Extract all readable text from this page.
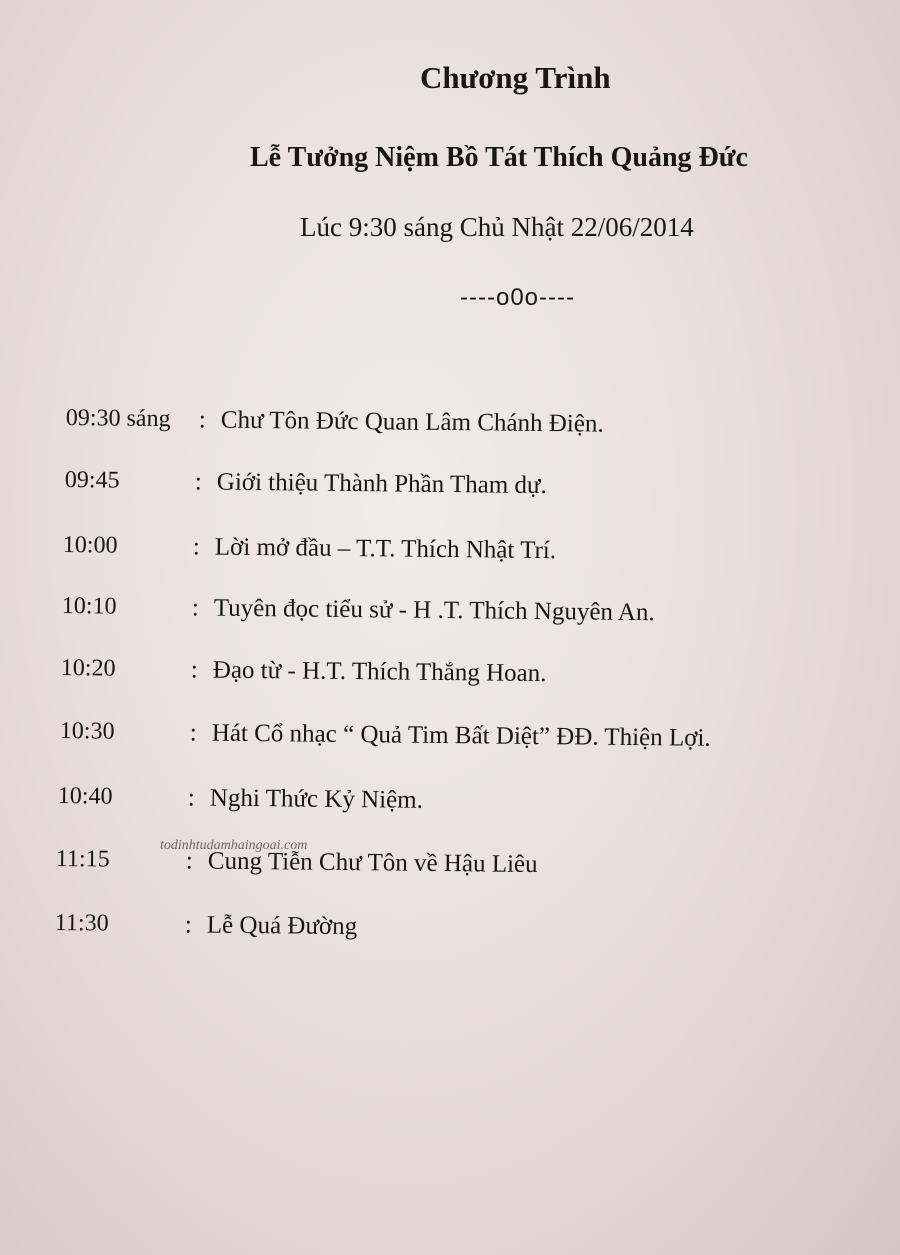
Chương Trình
Lễ Tưởng Niệm Bồ Tát Thích Quảng Đức
Lúc 9:30 sáng Chủ Nhật 22/06/2014
----o0o----
09:30 sáng : Chư Tôn Đức Quan Lâm Chánh Điện.
09:45	: Giới thiệu Thành Phần Tham dự.
10:00	: Lời mở đầu – T.T. Thích Nhật Trí.
10:10	: Tuyên đọc tiểu sử - H .T. Thích Nguyên An.
10:20	: Đạo từ - H.T. Thích Thắng Hoan.
10:30	: Hát Cổ nhạc “ Quả Tim Bất Diệt” ĐĐ. Thiện Lợi.
10:40	: Nghi Thức Kỷ Niệm.
11:15	: Cung Tiễn Chư Tôn về Hậu Liêu
11:30	: Lễ Quá Đường
todinhtudamhaingoai.com
